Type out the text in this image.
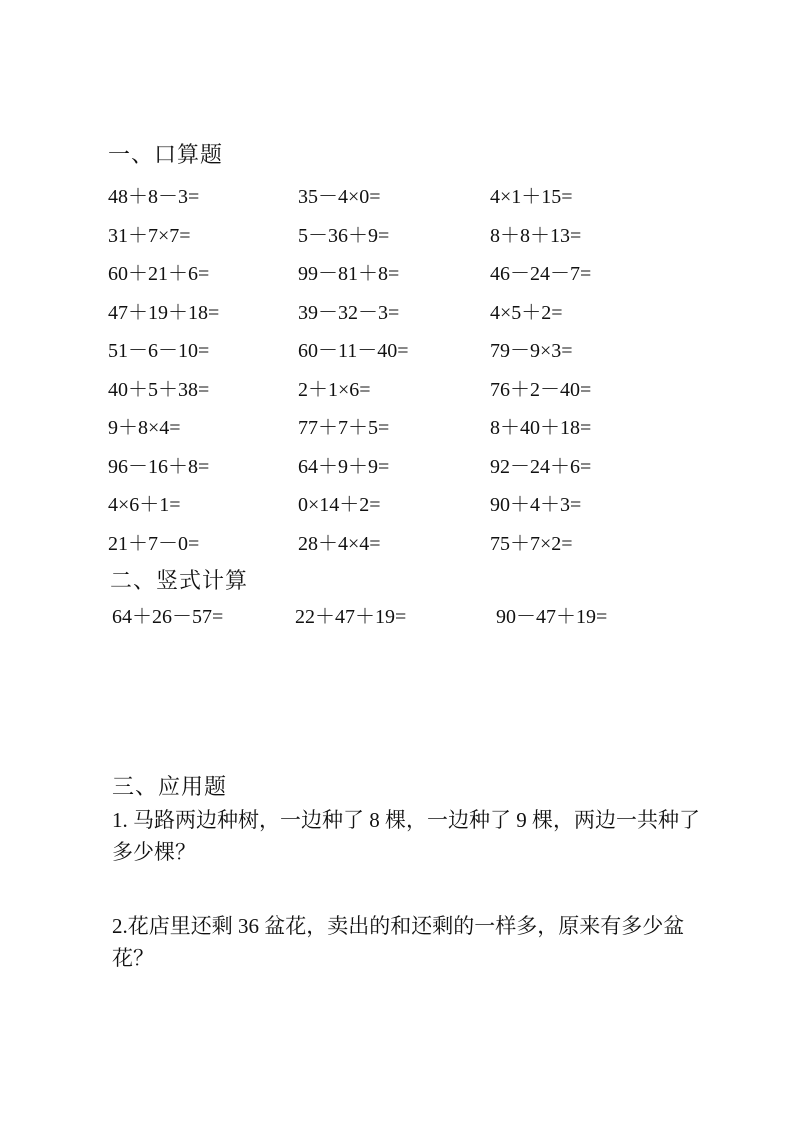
一、口算题
48＋8－3=	35－4×0=	4×1＋15=
31＋7×7=	5－36＋9=	8＋8＋13=
60＋21＋6=	99－81＋8=	46－24－7=
47＋19＋18=	39－32－3=	4×5＋2=
51－6－10=	60－11－40=	79－9×3=
40＋5＋38=	2＋1×6=	76＋2－40=
9＋8×4=	77＋7＋5=	8＋40＋18=
96－16＋8=	64＋9＋9=	92－24＋6=
4×6＋1=	0×14＋2=	90＋4＋3=
21＋7－0=	28＋4×4=	75＋7×2=
二、竖式计算
64＋26－57=	22＋47＋19=	90－47＋19=
三、应用题
1. 马路两边种树，一边种了 8 棵，一边种了 9 棵，两边一共种了多少棵？
2.花店里还剩 36 盆花，卖出的和还剩的一样多，原来有多少盆花？
